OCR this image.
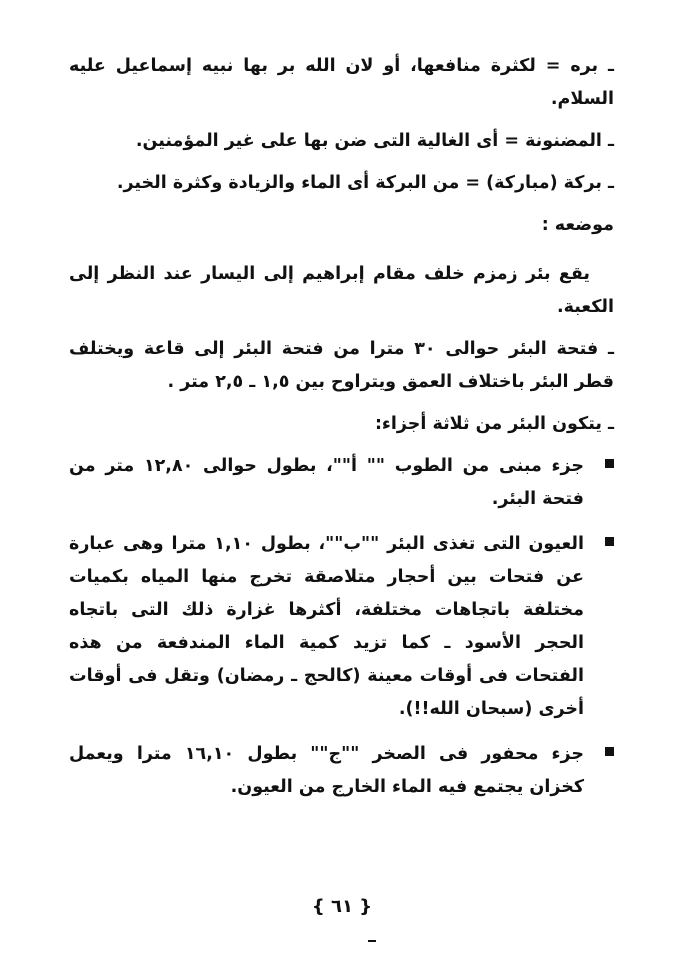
ـ بره = لكثرة منافعها، أو لان الله بر بها نبيه إسماعيل عليه السلام.

ـ المضنونة = أى الغالية التى ضن بها على غير المؤمنين.

ـ بركة (مباركة) = من البركة أى الماء والزيادة وكثرة الخير.

موضعه :

يقع بئر زمزم خلف مقام إبراهيم إلى اليسار عند النظر إلى الكعبة.

ـ فتحة البئر حوالى ٣٠ مترا من فتحة البئر إلى قاعة ويختلف قطر البئر باختلاف العمق ويتراوح بين ١,٥ ـ ٢,٥ متر .

ـ يتكون البئر من ثلاثة أجزاء:

جزء مبنى من الطوب "" أ""، بطول حوالى ١٢,٨٠ متر من فتحة البئر.
العيون التى تغذى البئر ""ب""، بطول ١,١٠ مترا وهى عبارة عن فتحات بين أحجار متلاصقة تخرج منها المياه بكميات مختلفة باتجاهات مختلفة، أكثرها غزارة ذلك التى باتجاه الحجر الأسود ـ كما تزيد كمية الماء المندفعة من هذه الفتحات فى أوقات معينة (كالحج ـ رمضان) وتقل فى أوقات أخرى (سبحان الله!!).
جزء محفور فى الصخر ""ج"" بطول ١٦,١٠ مترا ويعمل كخزان يجتمع فيه الماء الخارج من العيون.
{ ٦١ }
